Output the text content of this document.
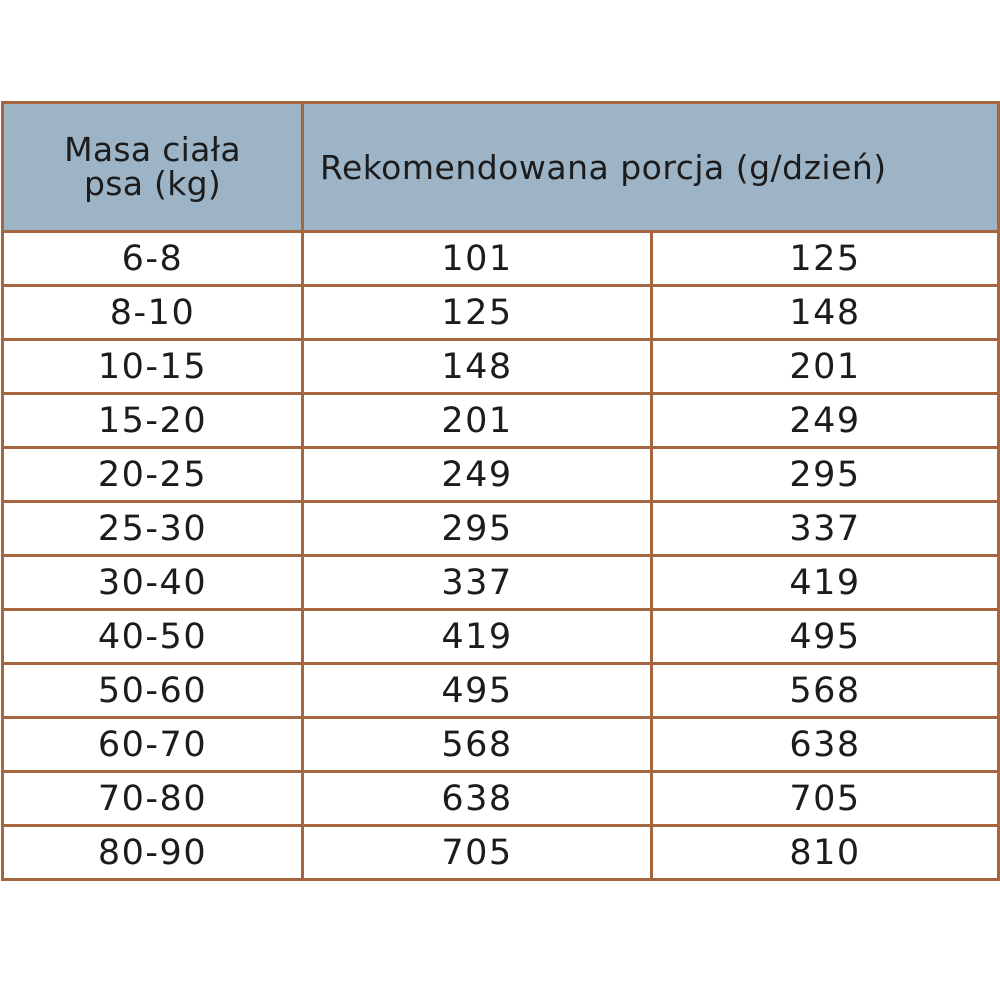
Masa ciała
psa (kg)	Rekomendowana porcja (g/dzień)	
6-8	101	125
8-10	125	148
10-15	148	201
15-20	201	249
20-25	249	295
25-30	295	337
30-40	337	419
40-50	419	495
50-60	495	568
60-70	568	638
70-80	638	705
80-90	705	810
